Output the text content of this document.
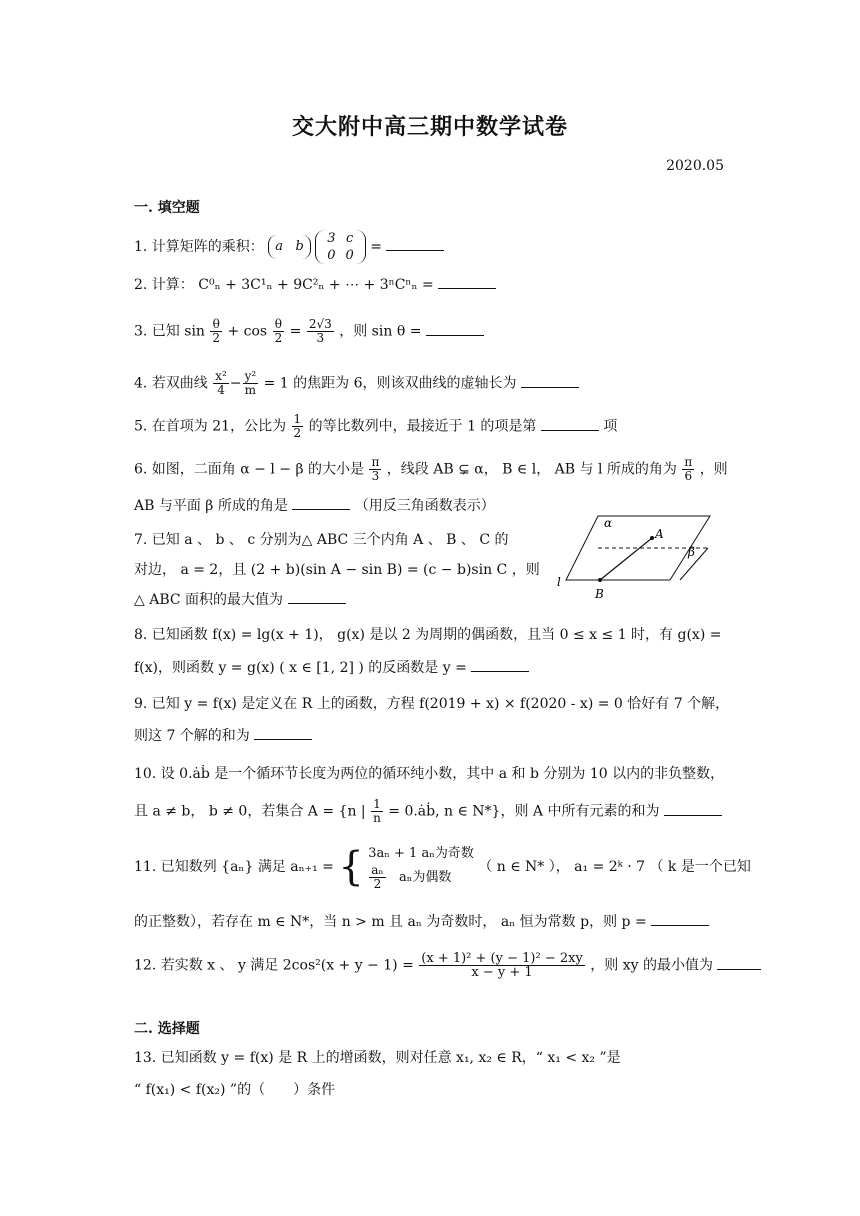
交大附中高三期中数学试卷
2020.05
一. 填空题
1. 计算矩阵的乘积： a b
3	c
0	0
=
2. 计算： C⁰ₙ + 3C¹ₙ + 9C²ₙ + ⋯ + 3ⁿCⁿₙ =
3. 已知 $\sin \frac{\theta}{2} + \cos \frac{\theta}{2} = \frac{2√3}{3}$ ，则 sin θ =
4. 若双曲线 $\frac{\text{x²}}{4} - \frac{\text{y²}}{m} = 1$ 的焦距为 6，则该双曲线的虚轴长为
5. 在首项为 21，公比为 $\frac{1}{2}$ 的等比数列中，最接近于 1 的项是第	项
6. 如图，二面角 α − l − β 的大小是 $\frac{\pi}{3}$ ，线段 AB ⊊ α， B ∈ l， AB 与 l 所成的角为 $\frac{\pi}{6}$ ，则
AB 与平面 β 所成的角是	（用反三角函数表示）
7. 已知 a 、 b 、 c 分别为△ ABC 三个内角 A 、 B 、 C 的
对边， a = 2，且 (2 + b)(sin A − sin B) = (c − b)sin C ，则
△ ABC 面积的最大值为
α
β
l
A
B
8. 已知函数 f(x) = lg(x + 1)， g(x) 是以 2 为周期的偶函数，且当 0 ≤ x ≤ 1 时，有 g(x) =
f(x)，则函数 y = g(x) ( x ∈ [1, 2] ) 的反函数是 y =
9. 已知 y = f(x) 是定义在 R 上的函数，方程 f(2019 + x) × f(2020 - x) = 0 恰好有 7 个解，
则这 7 个解的和为
10. 设 0.ȧḃ 是一个循环节长度为两位的循环纯小数，其中 a 和 b 分别为 10 以内的非负整数，
且 a ≠ b， b ≠ 0，若集合 A = {n | $\frac{1}{n}$ = 0.ȧḃ, n ∈ N*}，则 A 中所有元素的和为
11. 已知数列 {aₙ} 满足 aₙ₊₁ = { 3aₙ + 1 aₙ为奇数
$\frac{\text{aₙ}}{2}$ aₙ为偶数
（ n ∈ N* ）， a₁ = 2ᵏ · 7 （ k 是一个已知
的正整数），若存在 m ∈ N*，当 n > m 且 aₙ 为奇数时， aₙ 恒为常数 p，则 p =
12. 若实数 x 、 y 满足 $2\cos^2(x + y - 1) = \frac{\text{(x + 1)² + (y − 1)² − 2xy}}{x - y + 1}$ ，则 xy 的最小值为
二. 选择题
13. 已知函数 y = f(x) 是 R 上的增函数，则对任意 x₁, x₂ ∈ R，“ x₁ < x₂ ”是
“ f(x₁) < f(x₂) ”的（　　）条件
